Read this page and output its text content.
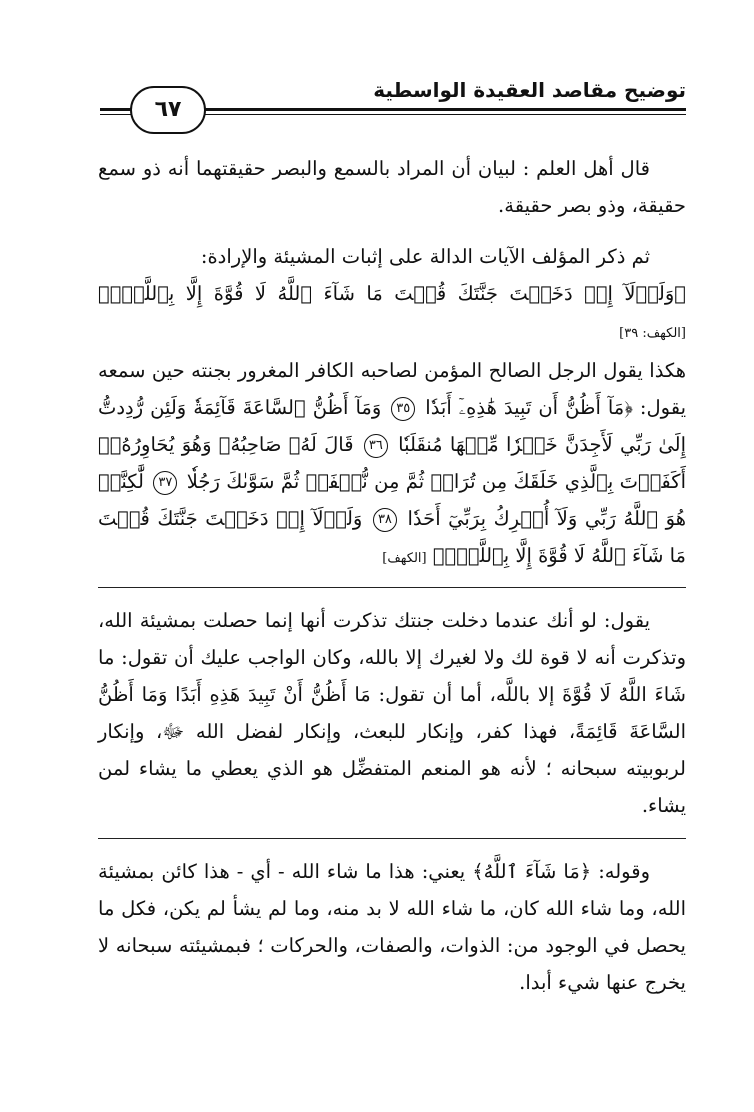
توضيح مقاصد العقيدة الواسطية
٦٧

قال أهل العلم : لبيان أن المراد بالسمع والبصر حقيقتهما أنه ذو سمع حقيقة، وذو بصر حقيقة.

ثم ذكر المؤلف الآيات الدالة على إثبات المشيئة والإرادة:

﴿وَلَوۡلَآ إِذۡ دَخَلۡتَ جَنَّتَكَ قُلۡتَ مَا شَآءَ ٱللَّهُ لَا قُوَّةَ إِلَّا بِٱللَّهِۚ﴾ [الكهف: ٣٩]

هكذا يقول الرجل الصالح المؤمن لصاحبه الكافر المغرور بجنته حين سمعه يقول: ﴿مَآ أَظُنُّ أَن تَبِيدَ هَٰذِهِۦٓ أَبَدٗا ٣٥ وَمَآ أَظُنُّ ٱلسَّاعَةَ قَآئِمَةٗ وَلَئِن رُّدِدتُّ إِلَىٰ رَبِّي لَأَجِدَنَّ خَيۡرٗا مِّنۡهَا مُنقَلَبٗا ٣٦ قَالَ لَهُۥ صَاحِبُهُۥ وَهُوَ يُحَاوِرُهُۥٓ أَكَفَرۡتَ بِٱلَّذِي خَلَقَكَ مِن تُرَابٖ ثُمَّ مِن نُّطۡفَةٖ ثُمَّ سَوَّىٰكَ رَجُلٗا ٣٧ لَّٰكِنَّا۠ هُوَ ٱللَّهُ رَبِّي وَلَآ أُشۡرِكُ بِرَبِّيٓ أَحَدٗا ٣٨ وَلَوۡلَآ إِذۡ دَخَلۡتَ جَنَّتَكَ قُلۡتَ مَا شَآءَ ٱللَّهُ لَا قُوَّةَ إِلَّا بِٱللَّهِۚ﴾ [الكهف]

يقول: لو أنك عندما دخلت جنتك تذكرت أنها إنما حصلت بمشيئة الله، وتذكرت أنه لا قوة لك ولا لغيرك إلا بالله، وكان الواجب عليك أن تقول: ما شَاءَ اللَّهُ لَا قُوَّةَ إلا باللَّه، أما أن تقول: مَا أَظُنُّ أَنْ تَبِيدَ هَذِهِ أَبَدًا وَمَا أَظُنُّ السَّاعَةَ قَائِمَةً، فهذا كفر، وإنكار للبعث، وإنكار لفضل الله ﷻ، وإنكار لربوبيته سبحانه ؛ لأنه هو المنعم المتفضِّل هو الذي يعطي ما يشاء لمن يشاء.

وقوله: ﴿مَا شَآءَ ٱللَّهُ﴾ يعني: هذا ما شاء الله - أي - هذا كائن بمشيئة الله، وما شاء الله كان، ما شاء الله لا بد منه، وما لم يشأ لم يكن، فكل ما يحصل في الوجود من: الذوات، والصفات، والحركات ؛ فبمشيئته سبحانه لا يخرج عنها شيء أبدا.
